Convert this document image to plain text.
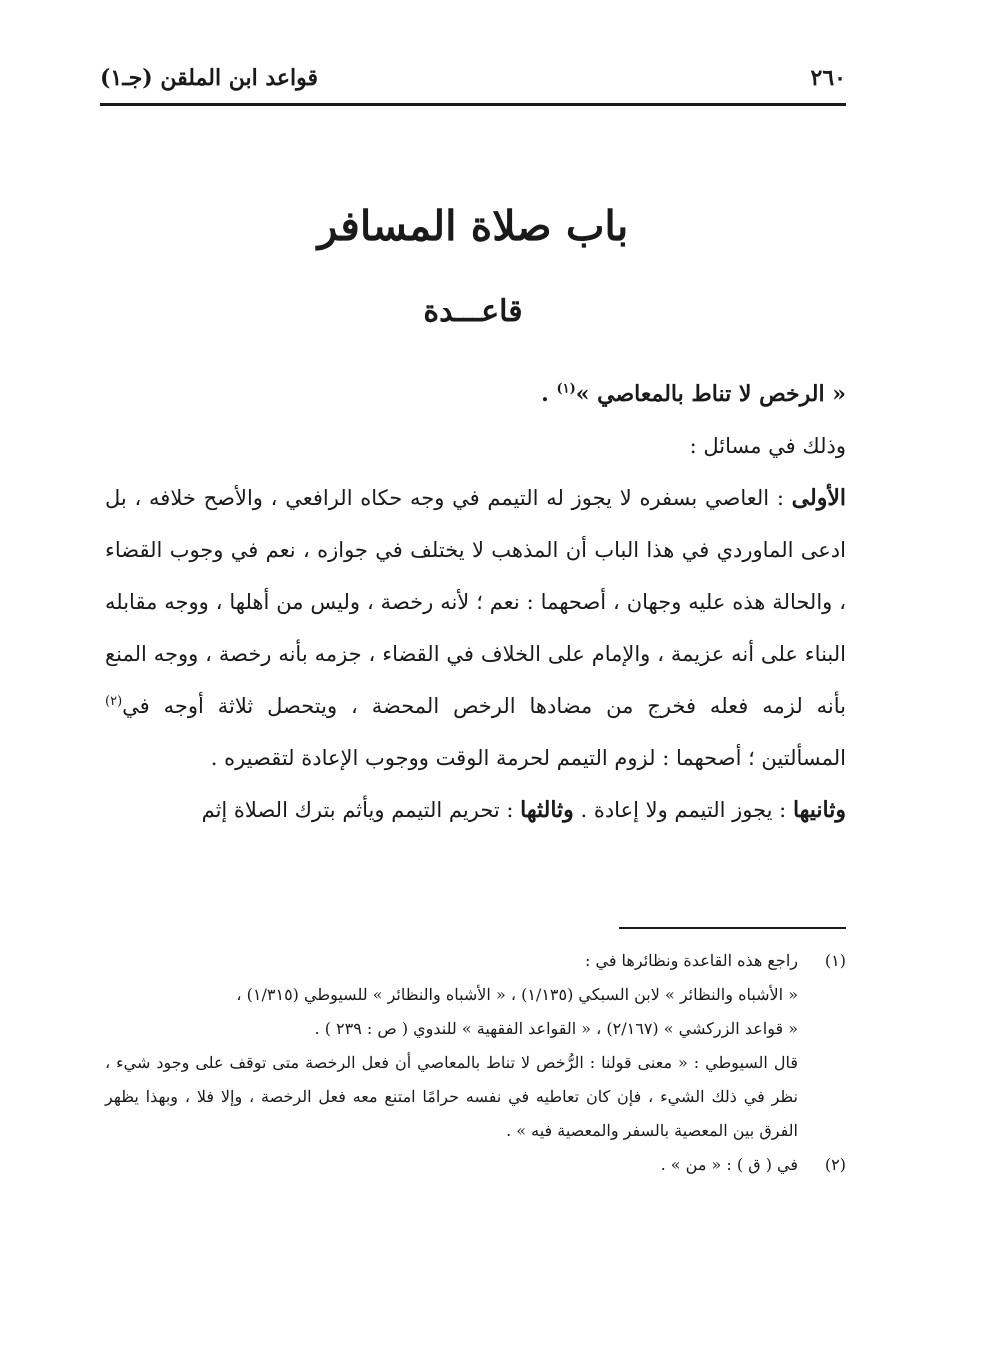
٢٦٠
قواعد ابن الملقن (جـ١)
باب صلاة المسافر
قاعـــدة

« الرخص لا تناط بالمعاصي »$^{(١)}$ .

وذلك في مسائل :

الأولى : العاصي بسفره لا يجوز له التيمم في وجه حكاه الرافعي ، والأصح خلافه ، بل ادعى الماوردي في هذا الباب أن المذهب لا يختلف في جوازه ، نعم في وجوب القضاء ، والحالة هذه عليه وجهان ، أصحهما : نعم ؛ لأنه رخصة ، وليس من أهلها ، ووجه مقابله البناء على أنه عزيمة ، والإمام على الخلاف في القضاء ، جزمه بأنه رخصة ، ووجه المنع بأنه لزمه فعله فخرج من مضادها الرخص المحضة ، ويتحصل ثلاثة أوجه في$^{(٢)}$ المسألتين ؛ أصحهما : لزوم التيمم لحرمة الوقت ووجوب الإعادة لتقصيره .

وثانيها : يجوز التيمم ولا إعادة . وثالثها : تحريم التيمم ويأثم بترك الصلاة إثم

(١)
راجع هذه القاعدة ونظائرها في :
« الأشباه والنظائر » لابن السبكي (١/١٣٥) ، « الأشباه والنظائر » للسيوطي (١/٣١٥) ،
« قواعد الزركشي » (٢/١٦٧) ، « القواعد الفقهية » للندوي ( ص : ٢٣٩ ) .
قال السيوطي : « معنى قولنا : الرُّخص لا تناط بالمعاصي أن فعل الرخصة متى توقف على وجود شيء ، نظر في ذلك الشيء ، فإن كان تعاطيه في نفسه حرامًا امتنع معه فعل الرخصة ، وإلا فلا ، وبهذا يظهر الفرق بين المعصية بالسفر والمعصية فيه » .
(٢)
في ( ق ) : « من » .
